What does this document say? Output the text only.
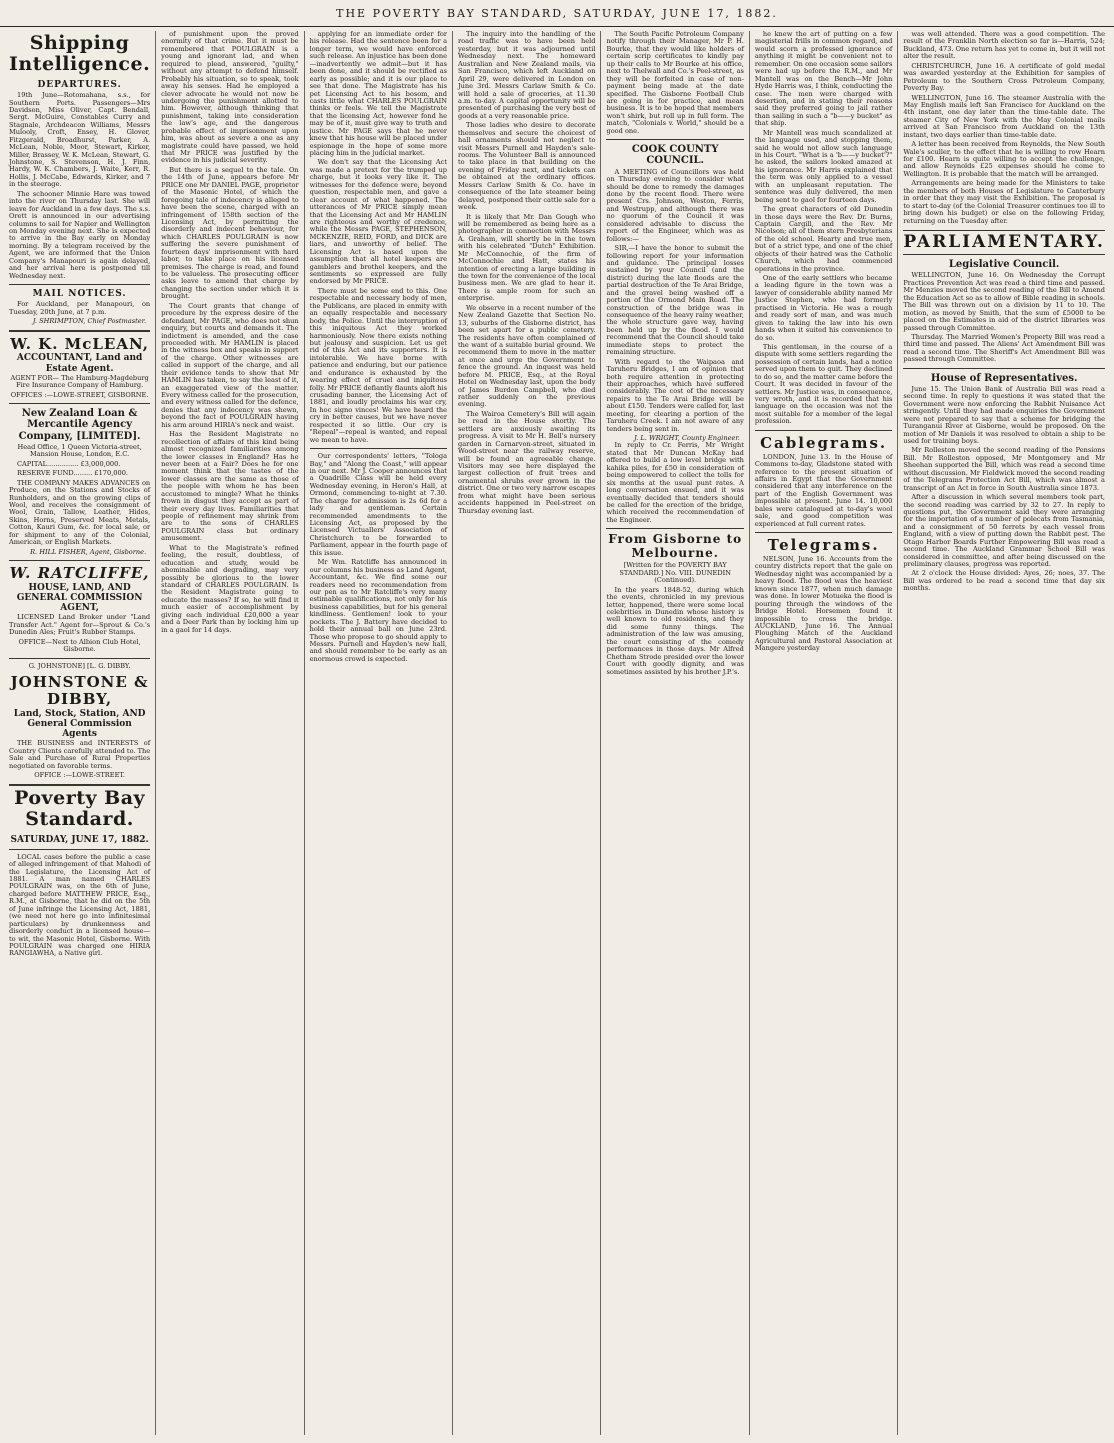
THE POVERTY BAY STANDARD, SATURDAY, JUNE 17, 1882.
Shipping Intelligence.
DEPARTURES.

19th June—Rotomahana, s.s., for Southern Ports. Passengers—Mrs Davidson, Miss Oliver, Capt. Bendall, Sergt. McGuire, Constables Curry and Stagnale, Archdeacon Williams, Messrs Mulooly, Croft, Ensey, H. Glover, Fitzgerald, Broadhurst, Parker, A. McLean, Noble, Moor, Stewart, Kirker, Miller, Brassey, W. K. McLean, Stewart, G. Johnstone, S. Stevenson, H. J. Finn, Hardy, W. K. Chambers, J. Waite, Kerr, R. Hollis, J. McCabe, Edwards, Kirker, and 7 in the steerage.

The schooner Minnie Hare was towed into the river on Thursday last. She will leave for Auckland in a few days. The s.s. Orett is announced in our advertising columns to sail for Napier and Wellington on Monday evening next. She is expected to arrive in the Bay early on Monday morning. By a telegram received by the Agent, we are informed that the Union Company's Manapouri is again delayed, and her arrival here is postponed till Wednesday next.

MAIL NOTICES.

For Auckland, per Manapouri, on Tuesday, 20th June, at 7 p.m.

J. SHRIMPTON, Chief Postmaster.
W. K. McLEAN,
ACCOUNTANT, Land and Estate Agent.

AGENT FOR— The Hamburg-Magdeburg Fire Insurance Company of Hamburg.

OFFICES :—LOWE-STREET, GISBORNE.

New Zealand Loan & Mercantile Agency Company, [LIMITED].

Head Office, 1 Queen Victoria-street, Mansion House, London, E.C.

CAPITAL............... £3,000,000.

RESERVE FUND......... £170,000.

THE COMPANY MAKES ADVANCES on Produce, on the Stations and Stocks of Runholders, and on the growing clips of Wool, and receives the consignment of Wool, Grain, Tallow, Leather, Hides, Skins, Horns, Preserved Meats, Metals, Cotton, Kauri Gum, &c. for local sale, or for shipment to any of the Colonial, American, or English Markets.

R. HILL FISHER, Agent, Gisborne.
W. RATCLIFFE,
HOUSE, LAND, AND GENERAL COMMISSION AGENT,

LICENSED Land Broker under "Land Transfer Act." Agent for—Sprout & Co.'s Dunedin Ales; Fruit's Rubber Stamps.

OFFICE—Next to Albion Club Hotel, Gisborne.

G. JOHNSTONE] [L. G. DIBBY.

JOHNSTONE & DIBBY,
Land, Stock, Station, AND General Commission Agents

THE BUSINESS and INTERESTS of Country Clients carefully attended to. The Sale and Purchase of Rural Properties negotiated on favorable terms.

OFFICE :—LOWE-STREET.

Poverty Bay Standard.
SATURDAY, JUNE 17, 1882.

LOCAL cases before the public a case of alleged infringement of that Mahodi of the Legislature, the Licensing Act of 1881. A man named CHARLES POULGRAIN was, on the 6th of June, charged before MATTHEW PRICE, Esq., R.M., at Gisborne, that he did on the 5th of June infringe the Licensing Act, 1881, (we need not here go into infinitesimal particulars) by drunkenness and disorderly conduct in a licensed house—to wit, the Masonic Hotel, Gisborne. With POULGRAIN was charged one HIRIA RANGIAWHA, a Native girl.

of punishment upon the proved enormity of that crime. But it must be remembered that POULGRAIN is a young and ignorant lad, and when required to plead, answered, "guilty," without any attempt to defend himself. Probably his situation, so to speak, took away his senses. Had he employed a clever advocate he would not now be undergoing the punishment allotted to him. However, although thinking that punishment, taking into consideration the law's age, and the dangerous probable effect of imprisonment upon him, was about as severe a one as any magistrate could have passed, we hold that Mr PRICE was justified by the evidence in his judicial severity.

But there is a sequel to the tale. On the 14th of June, appears before Mr PRICE one Mr DANIEL PAGE, proprietor of the Masonic Hotel, of which the foregoing tale of indecency is alleged to have been the scene, charged with an infringement of 158th section of the Licensing Act, by permitting the disorderly and indecent behaviour, for which CHARLES POULGRAIN is now suffering the severe punishment of fourteen days' imprisonment with hard labor, to take place on his licensed premises. The charge is read, and found to be valueless. The prosecuting officer asks leave to amend that charge by changing the section under which it is brought.

The Court grants that change of procedure by the express desire of the defendant, Mr PAGE, who does not shun enquiry, but courts and demands it. The indictment is amended, and the case proceeded with. Mr HAMLIN is placed in the witness box and speaks in support of the charge. Other witnesses are called in support of the charge, and all their evidence tends to show that Mr HAMLIN has taken, to say the least of it, an exaggerated view of the matter. Every witness called for the prosecution, and every witness called for the defence, denies that any indecency was shewn, beyond the fact of POULGRAIN having his arm around HIRIA's neck and waist.

Has the Resident Magistrate no recollection of affairs of this kind being almost recognized familiarities among the lower classes in England? Has he never been at a Fair? Does he for one moment think that the tastes of the lower classes are the same as those of the people with whom he has been accustomed to mingle? What he thinks frown in disgust they accept as part of their every day lives. Familiarities that people of refinement may shrink from are to the sons of CHARLES POULGRAIN class but ordinary amusement.

What to the Magistrate's refined feeling, the result, doubtless, of education and study, would be abominable and degrading, may very possibly be glorious to the lower standard of CHARLES POULGRAIN. Is the Resident Magistrate going to educate the masses? If so, he will find it much easier of accomplishment by giving each individual £20,000 a year and a Deer Park than by locking him up in a gaol for 14 days.

applying for an immediate order for his release. Had the sentence been for a longer term, we would have enforced such release. An injustice has been done—inadvertently we admit—but it has been done, and it should be rectified as early as possible; and it is our place to see that done. The Magistrate has his pet Licensing Act to his bosom, and casts little what CHARLES POULGRAIN thinks or feels. We tell the Magistrate that the licensing Act, however fond he may be of it, must give way to truth and justice. Mr PAGE says that he never knew that his house will be placed under espionage in the hope of some more placing him in the judicial market.

We don't say that the Licensing Act was made a pretext for the trumped up charge, but it looks very like it. The witnesses for the defence were, beyond question, respectable men, and gave a clear account of what happened. The utterances of Mr PRICE simply mean that the Licensing Act and Mr HAMLIN are righteous and worthy of credence, while the Messrs PAGE, STEPHENSON, MCKENZIE, REID, FORD, and DICK are liars, and unworthy of belief. The Licensing Act is based upon the assumption that all hotel keepers are gamblers and brothel keepers, and the sentiments so expressed are fully endorsed by Mr PRICE.

There must be some end to this. One respectable and necessary body of men, the Publicans, are placed in enmity with an equally respectable and necessary body, the Police. Until the interruption of this iniquitous Act they worked harmoniously. Now there exists nothing but jealousy and suspicion. Let us get rid of this Act and its supporters. It is intolerable. We have borne with patience and enduring, but our patience and endurance is exhausted by the wearing effect of cruel and iniquitous folly. Mr PRICE defiantly flaunts aloft his crusading banner, the Licensing Act of 1881, and loudly proclaims his war cry, In hoc signo vinces! We have heard the cry in better causes, but we have never respected it so little. Our cry is "Repeal"—repeal is wanted, and repeal we mean to have.

Our correspondents' letters, "Tologa Bay," and "Along the Coast," will appear in our next. Mr J. Cooper announces that a Quadrille Class will be held every Wednesday evening, in Heron's Hall, at Ormond, commencing to-night at 7.30. The charge for admission is 2s 6d for a lady and gentleman. Certain recommended amendments to the Licensing Act, as proposed by the Licensed Victuallers' Association of Christchurch to be forwarded to Parliament, appear in the fourth page of this issue.

Mr Wm. Ratcliffe has announced in our columns his business as Land Agent, Accountant, &c. We find some our readers need no recommendation from our pen as to Mr Ratcliffe's very many estimable qualifications, not only for his business capabilities, but for his general kindliness. Gentlemen! look to your pockets. The J. Battery have decided to hold their annual ball on June 23rd. Those who propose to go should apply to Messrs. Purnell and Hayden's new hall, and should remember to be early as an enormous crowd is expected.

The inquiry into the handling of the road traffic was to have been held yesterday, but it was adjourned until Wednesday next. The homeward Australian and New Zealand mails, via San Francisco, which left Auckland on April 29, were delivered in London on June 3rd. Messrs Carlaw Smith & Co. will hold a sale of groceries, at 11.30 a.m. to-day. A capital opportunity will be presented of purchasing the very best of goods at a very reasonable price.

Those ladies who desire to decorate themselves and secure the choicest of hall ornaments should not neglect to visit Messrs Purnell and Hayden's sale-rooms. The Volunteer Ball is announced to take place in that building on the evening of Friday next, and tickets can be obtained at the ordinary offices. Messrs Carlaw Smith & Co. have in consequence of the late steamer being delayed, postponed their cattle sale for a week.

It is likely that Mr. Dan Gough who will be remembered as being here as a photographer in connection with Messrs A. Graham, will shortly be in the town with his celebrated "Dutch" Exhibition. Mr McConnochie, of the firm of McConnochie and Hatt, states his intention of erecting a large building in the town for the convenience of the local business men. We are glad to hear it. There is ample room for such an enterprise.

We observe in a recent number of the New Zealand Gazette that Section No. 13, suburbs of the Gisborne district, has been set apart for a public cemetery. The residents have often complained of the want of a suitable burial ground. We recommend them to move in the matter at once and urge the Government to fence the ground. An inquest was held before M. PRICE, Esq., at the Royal Hotel on Wednesday last, upon the body of James Burdon Campbell, who died rather suddenly on the previous evening.

The Wairoa Cemetery's Bill will again be read in the House shortly. The settlers are anxiously awaiting its progress. A visit to Mr H. Bell's nursery garden in Carnarvon-street, situated in Wood-street near the railway reserve, will be found an agreeable change. Visitors may see here displayed the largest collection of fruit trees and ornamental shrubs ever grown in the district. One or two very narrow escapes from what might have been serious accidents happened in Peel-street on Thursday evening last.

The South Pacific Petroleum Company notify through their Manager, Mr P. H. Bourke, that they would like holders of certain scrip certificates to kindly pay up their calls to Mr Bourke at his office, next to Thelwall and Co.'s Peel-street, as they will be forfeited in case of non-payment being made at the date specified. The Gisborne Football Club are going in for practice, and mean business. It is to be hoped that members won't shirk, but roll up in full form. The match, "Colonials v. World," should be a good one.

COOK COUNTY COUNCIL.

A MEETING of Councillors was held on Thursday evening to consider what should be done to remedy the damages done by the recent flood. There were present Crs. Johnson, Weston, Ferris, and Westrupp, and although there was no quorum of the Council it was considered advisable to discuss the report of the Engineer, which was as follows:—

SIR,—I have the honor to submit the following report for your information and guidance. The principal losses sustained by your Council (and the district) during the late floods are the partial destruction of the Te Arai Bridge, and the gravel being washed off a portion of the Ormond Main Road. The construction of the bridge was in consequence of the heavy rainy weather, the whole structure gave way, having been held up by the flood. I would recommend that the Council should take immediate steps to protect the remaining structure.

With regard to the Waipaoa and Taruheru Bridges, I am of opinion that both require attention in protecting their approaches, which have suffered considerably. The cost of the necessary repairs to the Te Arai Bridge will be about £150. Tenders were called for, last meeting, for clearing a portion of the Taruheru Creek. I am not aware of any tenders being sent in.

J. L. WRIGHT, County Engineer.

In reply to Cr. Ferris, Mr Wright stated that Mr Duncan McKay had offered to build a low level bridge with kahika piles, for £50 in consideration of being empowered to collect the tolls for six months at the usual punt rates. A long conversation ensued, and it was eventually decided that tenders should be called for the erection of the bridge, which received the recommendation of the Engineer.

From Gisborne to Melbourne.

[Written for the POVERTY BAY STANDARD.] No. VIII. DUNEDIN (Continued).

In the years 1848-52, during which the events, chronicled in my previous letter, happened, there were some local celebrities in Dunedin whose history is well known to old residents, and they did some funny things. The administration of the law was amusing, the court consisting of the comedy performances in those days. Mr Alfred Chetham Strode presided over the lower Court with goodly dignity, and was sometimes assisted by his brother J.P.'s.

he knew the art of putting on a few magisterial frills in common regard, and would scorn a professed ignorance of anything it might be convenient not to remember. On one occasion some sailors were had up before the R.M., and Mr Mantell was on the Bench—Mr John Hyde Harris was, I think, conducting the case. The men were charged with desertion, and in stating their reasons said they preferred going to jail rather than sailing in such a "b——y bucket" as that ship.

Mr Mantell was much scandalized at the language used, and stopping them, said he would not allow such language in his Court. "What is a 'b——y bucket'?" he asked, the sailors looked amazed at his ignorance. Mr Harris explained that the term was only applied to a vessel with an unpleasant reputation. The sentence was duly delivered, the men being sent to gaol for fourteen days.

The great characters of old Dunedin in those days were the Rev. Dr. Burns, Captain Cargill, and the Rev. Mr Nicolson; all of them stern Presbyterians of the old school. Hearty and true men, but of a strict type, and one of the chief objects of their hatred was the Catholic Church, which had commenced operations in the province.

One of the early settlers who became a leading figure in the town was a lawyer of considerable ability named Mr Justice Stephen, who had formerly practised in Victoria. He was a rough and ready sort of man, and was much given to taking the law into his own hands when it suited his convenience to do so.

This gentleman, in the course of a dispute with some settlers regarding the possession of certain lands, had a notice served upon them to quit. They declined to do so, and the matter came before the Court. It was decided in favour of the settlers. Mr Justice was, in consequence, very wroth, and it is recorded that his language on the occasion was not the most suitable for a member of the legal profession.

Cablegrams.

LONDON, June 13. In the House of Commons to-day, Gladstone stated with reference to the present situation of affairs in Egypt that the Government considered that any interference on the part of the English Government was impossible at present. June 14. 10,000 bales were catalogued at to-day's wool sale, and good competition was experienced at full current rates.

Telegrams.

NELSON, June 16. Accounts from the country districts report that the gale on Wednesday night was accompanied by a heavy flood. The flood was the heaviest known since 1877, when much damage was done. In lower Motueka the flood is pouring through the windows of the Bridge Hotel. Horsemen found it impossible to cross the bridge. AUCKLAND, June 16. The Annual Ploughing Match of the Auckland Agricultural and Pastoral Association at Mangere yesterday

was well attended. There was a good competition. The result of the Franklin North election so far is—Harris, 524; Buckland, 473. One return has yet to come in, but it will not alter the result.

CHRISTCHURCH, June 16. A certificate of gold medal was awarded yesterday at the Exhibition for samples of Petroleum to the Southern Cross Petroleum Company, Poverty Bay.

WELLINGTON, June 16. The steamer Australia with the May English mails left San Francisco for Auckland on the 4th instant, one day later than the time-table date. The steamer City of New York with the May Colonial mails arrived at San Francisco from Auckland on the 13th instant, two days earlier than time-table date.

A letter has been received from Reynolds, the New South Wale's sculler, to the effect that he is willing to row Hearn for £100. Hearn is quite willing to accept the challenge, and allow Reynolds £25 expenses should he come to Wellington. It is probable that the match will be arranged.

Arrangements are being made for the Ministers to take the members of both Houses of Legislature to Canterbury in order that they may visit the Exhibition. The proposal is to start to-day (of the Colonial Treasurer continues too ill to bring down his budget) or else on the following Friday, returning on the Tuesday after.

PARLIAMENTARY.
Legislative Council.

WELLINGTON, June 16. On Wednesday the Corrupt Practices Prevention Act was read a third time and passed. Mr Menzies moved the second reading of the Bill to Amend the Education Act so as to allow of Bible reading in schools. The Bill was thrown out on a division by 11 to 10. The motion, as moved by Smith, that the sum of £5000 to be placed on the Estimates in aid of the district libraries was passed through Committee.

Thursday. The Married Women's Property Bill was read a third time and passed. The Aliens' Act Amendment Bill was read a second time. The Sheriff's Act Amendment Bill was passed through Committee.

House of Representatives.

June 15. The Union Bank of Australia Bill was read a second time. In reply to questions it was stated that the Government were now enforcing the Rabbit Nuisance Act stringently. Until they had made enquiries the Government were not prepared to say that a scheme for bridging the Turanganui River at Gisborne, would be proposed. On the motion of Mr Daniels it was resolved to obtain a ship to be used for training boys.

Mr Rolleston moved the second reading of the Pensions Bill. Mr Rolleston opposed, Mr Montgomery and Mr Sheehan supported the Bill, which was read a second time without discussion. Mr Fieldwick moved the second reading of the Telegrams Protection Act Bill, which was almost a transcript of an Act in force in South Australia since 1873.

After a discussion in which several members took part, the second reading was carried by 32 to 27. In reply to questions put, the Government said they were arranging for the importation of a number of polecats from Tasmania, and a consignment of 50 ferrets by each vessel from England, with a view of putting down the Rabbit pest. The Otago Harbor Boards Further Empowering Bill was read a second time. The Auckland Grammar School Bill was considered in committee, and after being discussed on the preliminary clauses, progress was reported.

At 2 o'clock the House divided: Ayes, 26; noes, 37. The Bill was ordered to be read a second time that day six months.
